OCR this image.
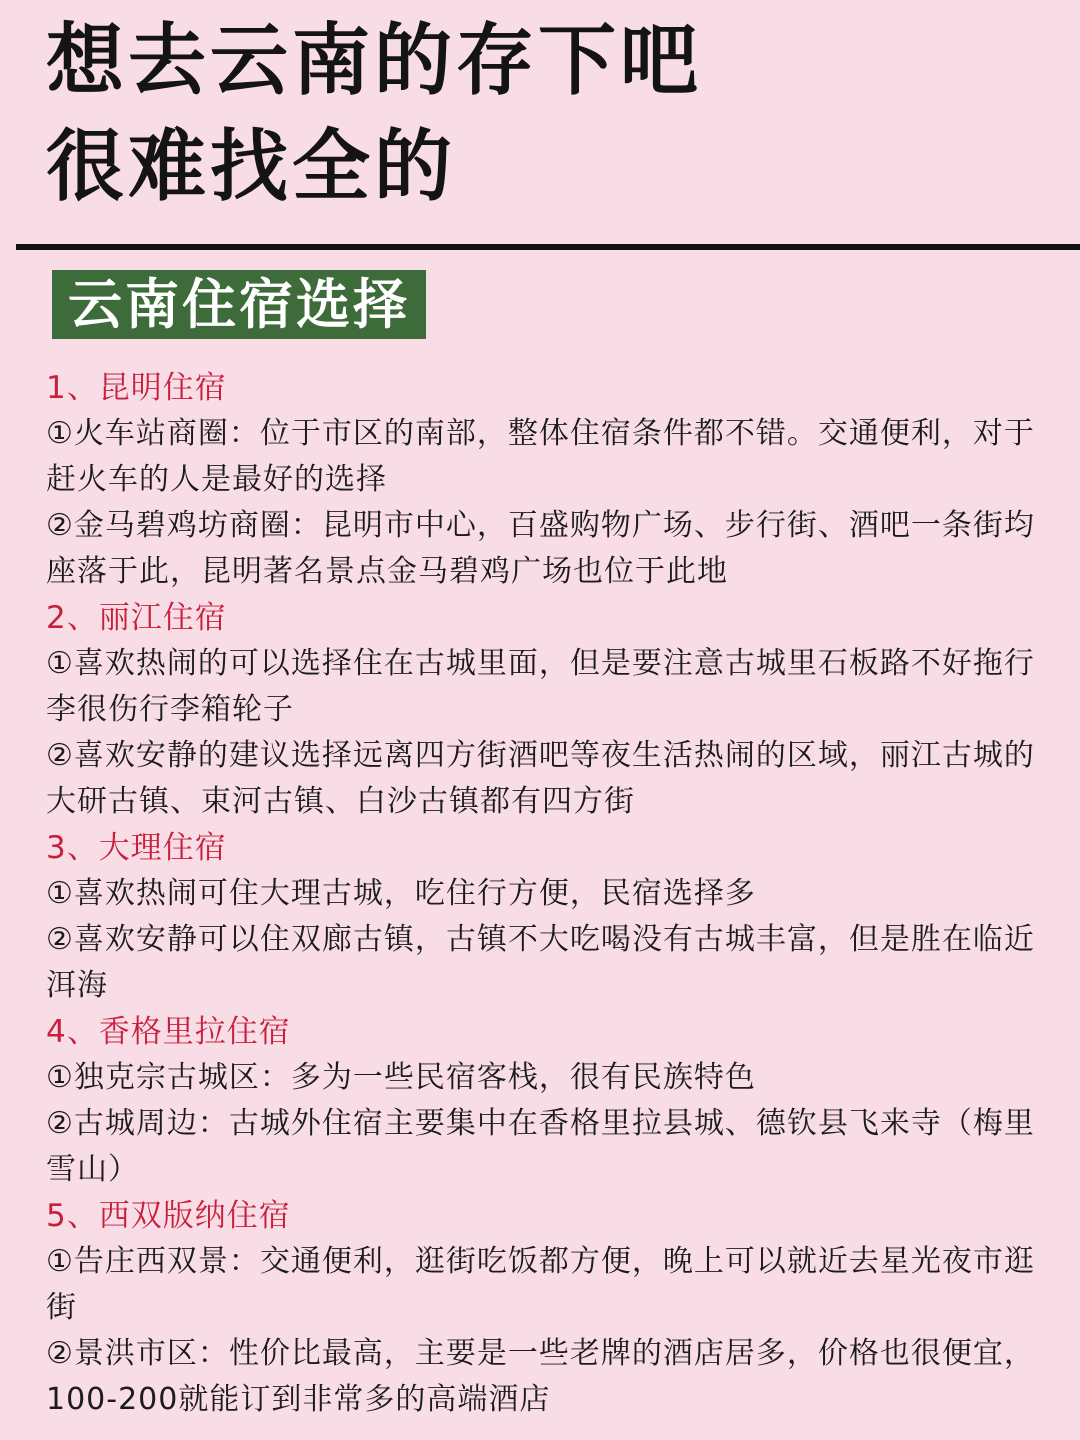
想去云南的存下吧
很难找全的
云南住宿选择
1、昆明住宿
①火车站商圈：位于市区的南部，整体住宿条件都不错。交通便利，对于赶火车的人是最好的选择
②金马碧鸡坊商圈：昆明市中心，百盛购物广场、步行街、酒吧一条街均座落于此，昆明著名景点金马碧鸡广场也位于此地
2、丽江住宿
①喜欢热闹的可以选择住在古城里面，但是要注意古城里石板路不好拖行李很伤行李箱轮子
②喜欢安静的建议选择远离四方街酒吧等夜生活热闹的区域，丽江古城的大研古镇、束河古镇、白沙古镇都有四方街
3、大理住宿
①喜欢热闹可住大理古城，吃住行方便，民宿选择多
②喜欢安静可以住双廊古镇，古镇不大吃喝没有古城丰富，但是胜在临近洱海
4、香格里拉住宿
①独克宗古城区：多为一些民宿客栈，很有民族特色
②古城周边：古城外住宿主要集中在香格里拉县城、德钦县飞来寺（梅里雪山）
5、西双版纳住宿
①告庄西双景：交通便利，逛街吃饭都方便，晚上可以就近去星光夜市逛街
②景洪市区：性价比最高，主要是一些老牌的酒店居多，价格也很便宜，100-200就能订到非常多的高端酒店
